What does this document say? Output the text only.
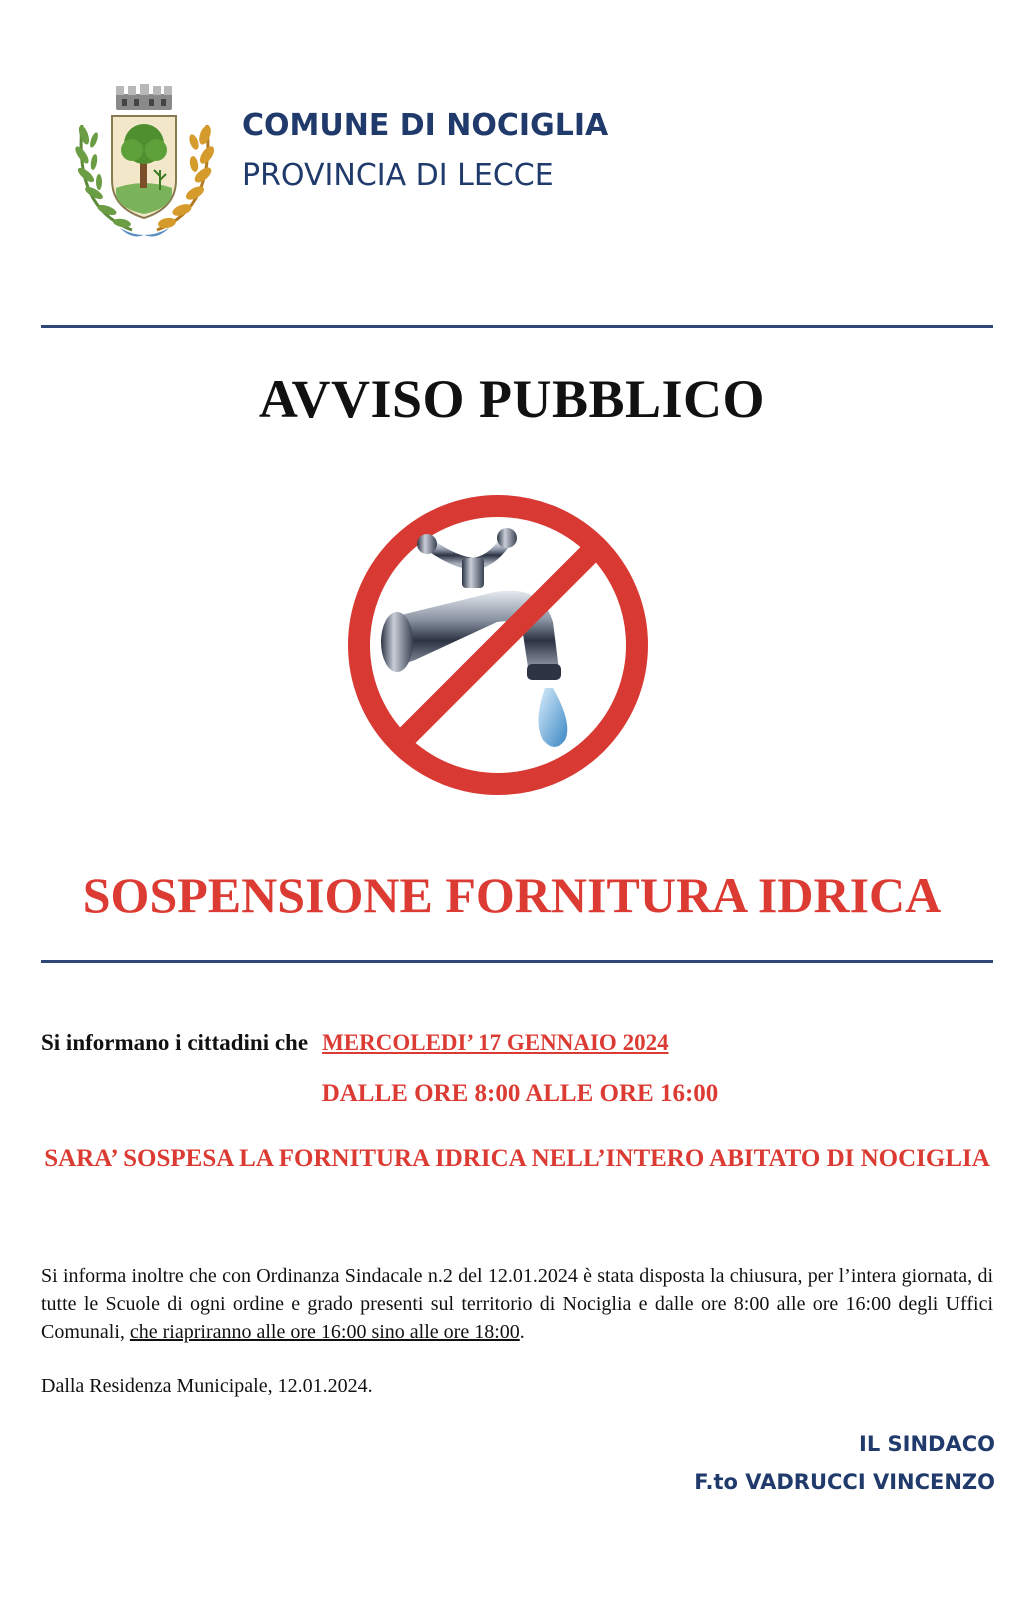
COMUNE DI NOCIGLIA
PROVINCIA DI LECCE
AVVISO PUBBLICO
SOSPENSIONE FORNITURA IDRICA
Si informano i cittadini che MERCOLEDI’ 17 GENNAIO 2024
DALLE ORE 8:00 ALLE ORE 16:00
SARA’ SOSPESA LA FORNITURA IDRICA NELL’INTERO ABITATO DI NOCIGLIA
Si informa inoltre che con Ordinanza Sindacale n.2 del 12.01.2024 è stata disposta la chiusura, per l’intera giornata, di tutte le Scuole di ogni ordine e grado presenti sul territorio di Nociglia e dalle ore 8:00 alle ore 16:00 degli Uffici Comunali, che riapriranno alle ore 16:00 sino alle ore 18:00.
Dalla Residenza Municipale, 12.01.2024.
IL SINDACO
F.to VADRUCCI VINCENZO
